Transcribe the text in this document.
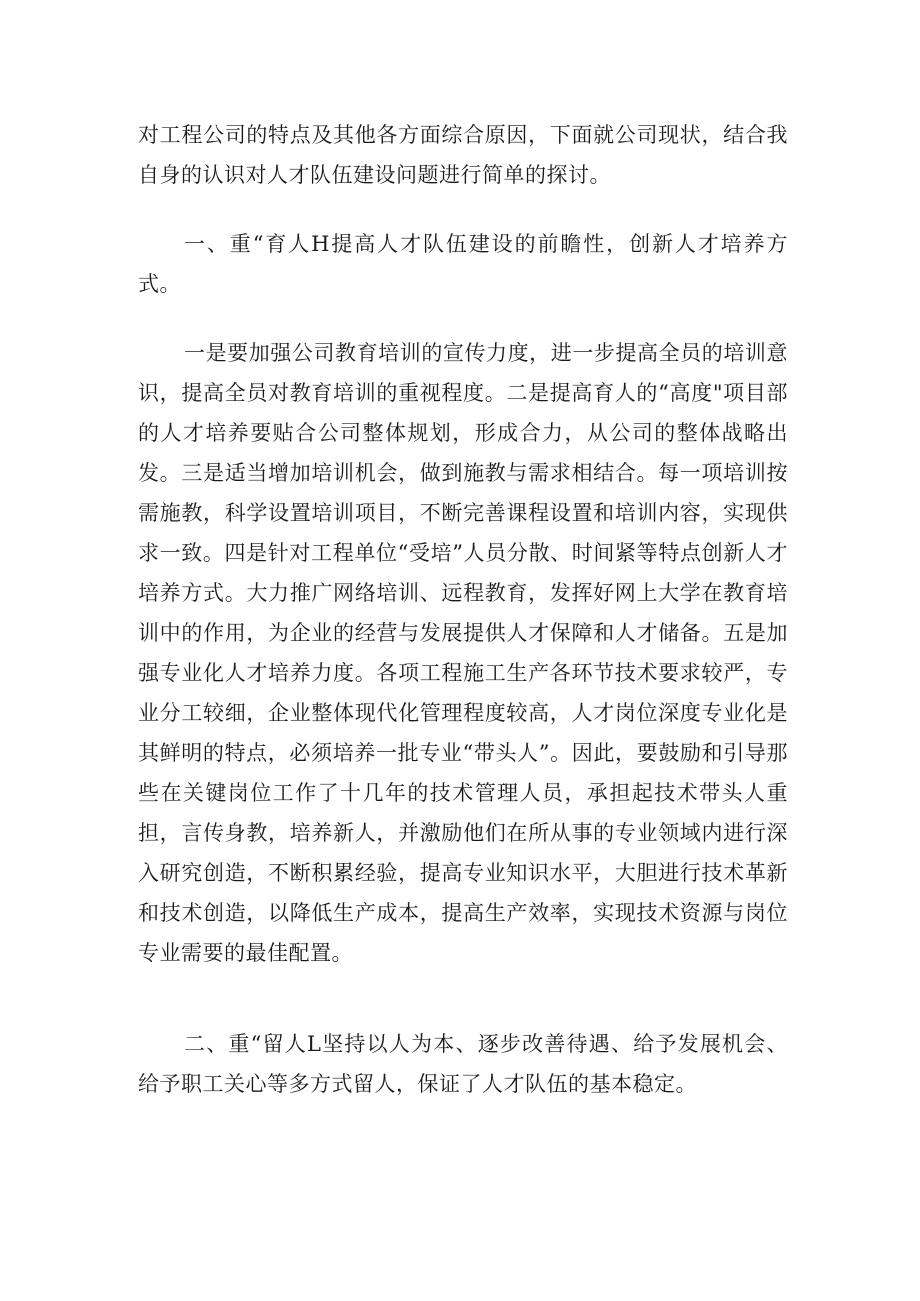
对工程公司的特点及其他各方面综合原因，下面就公司现状，结合我自身的认识对人才队伍建设问题进行简单的探讨。

一、重“育人H提高人才队伍建设的前瞻性，创新人才培养方式。

一是要加强公司教育培训的宣传力度，进一步提高全员的培训意识，提高全员对教育培训的重视程度。二是提高育人的“高度"项目部的人才培养要贴合公司整体规划，形成合力，从公司的整体战略出发。三是适当增加培训机会，做到施教与需求相结合。每一项培训按需施教，科学设置培训项目，不断完善课程设置和培训内容，实现供求一致。四是针对工程单位“受培”人员分散、时间紧等特点创新人才培养方式。大力推广网络培训、远程教育，发挥好网上大学在教育培训中的作用，为企业的经营与发展提供人才保障和人才储备。五是加强专业化人才培养力度。各项工程施工生产各环节技术要求较严，专业分工较细，企业整体现代化管理程度较高，人才岗位深度专业化是其鲜明的特点，必须培养一批专业“带头人”。因此，要鼓励和引导那些在关键岗位工作了十几年的技术管理人员，承担起技术带头人重担，言传身教，培养新人，并激励他们在所从事的专业领域内进行深入研究创造，不断积累经验，提高专业知识水平，大胆进行技术革新和技术创造，以降低生产成本，提高生产效率，实现技术资源与岗位专业需要的最佳配置。

二、重“留人L坚持以人为本、逐步改善待遇、给予发展机会、给予职工关心等多方式留人，保证了人才队伍的基本稳定。
